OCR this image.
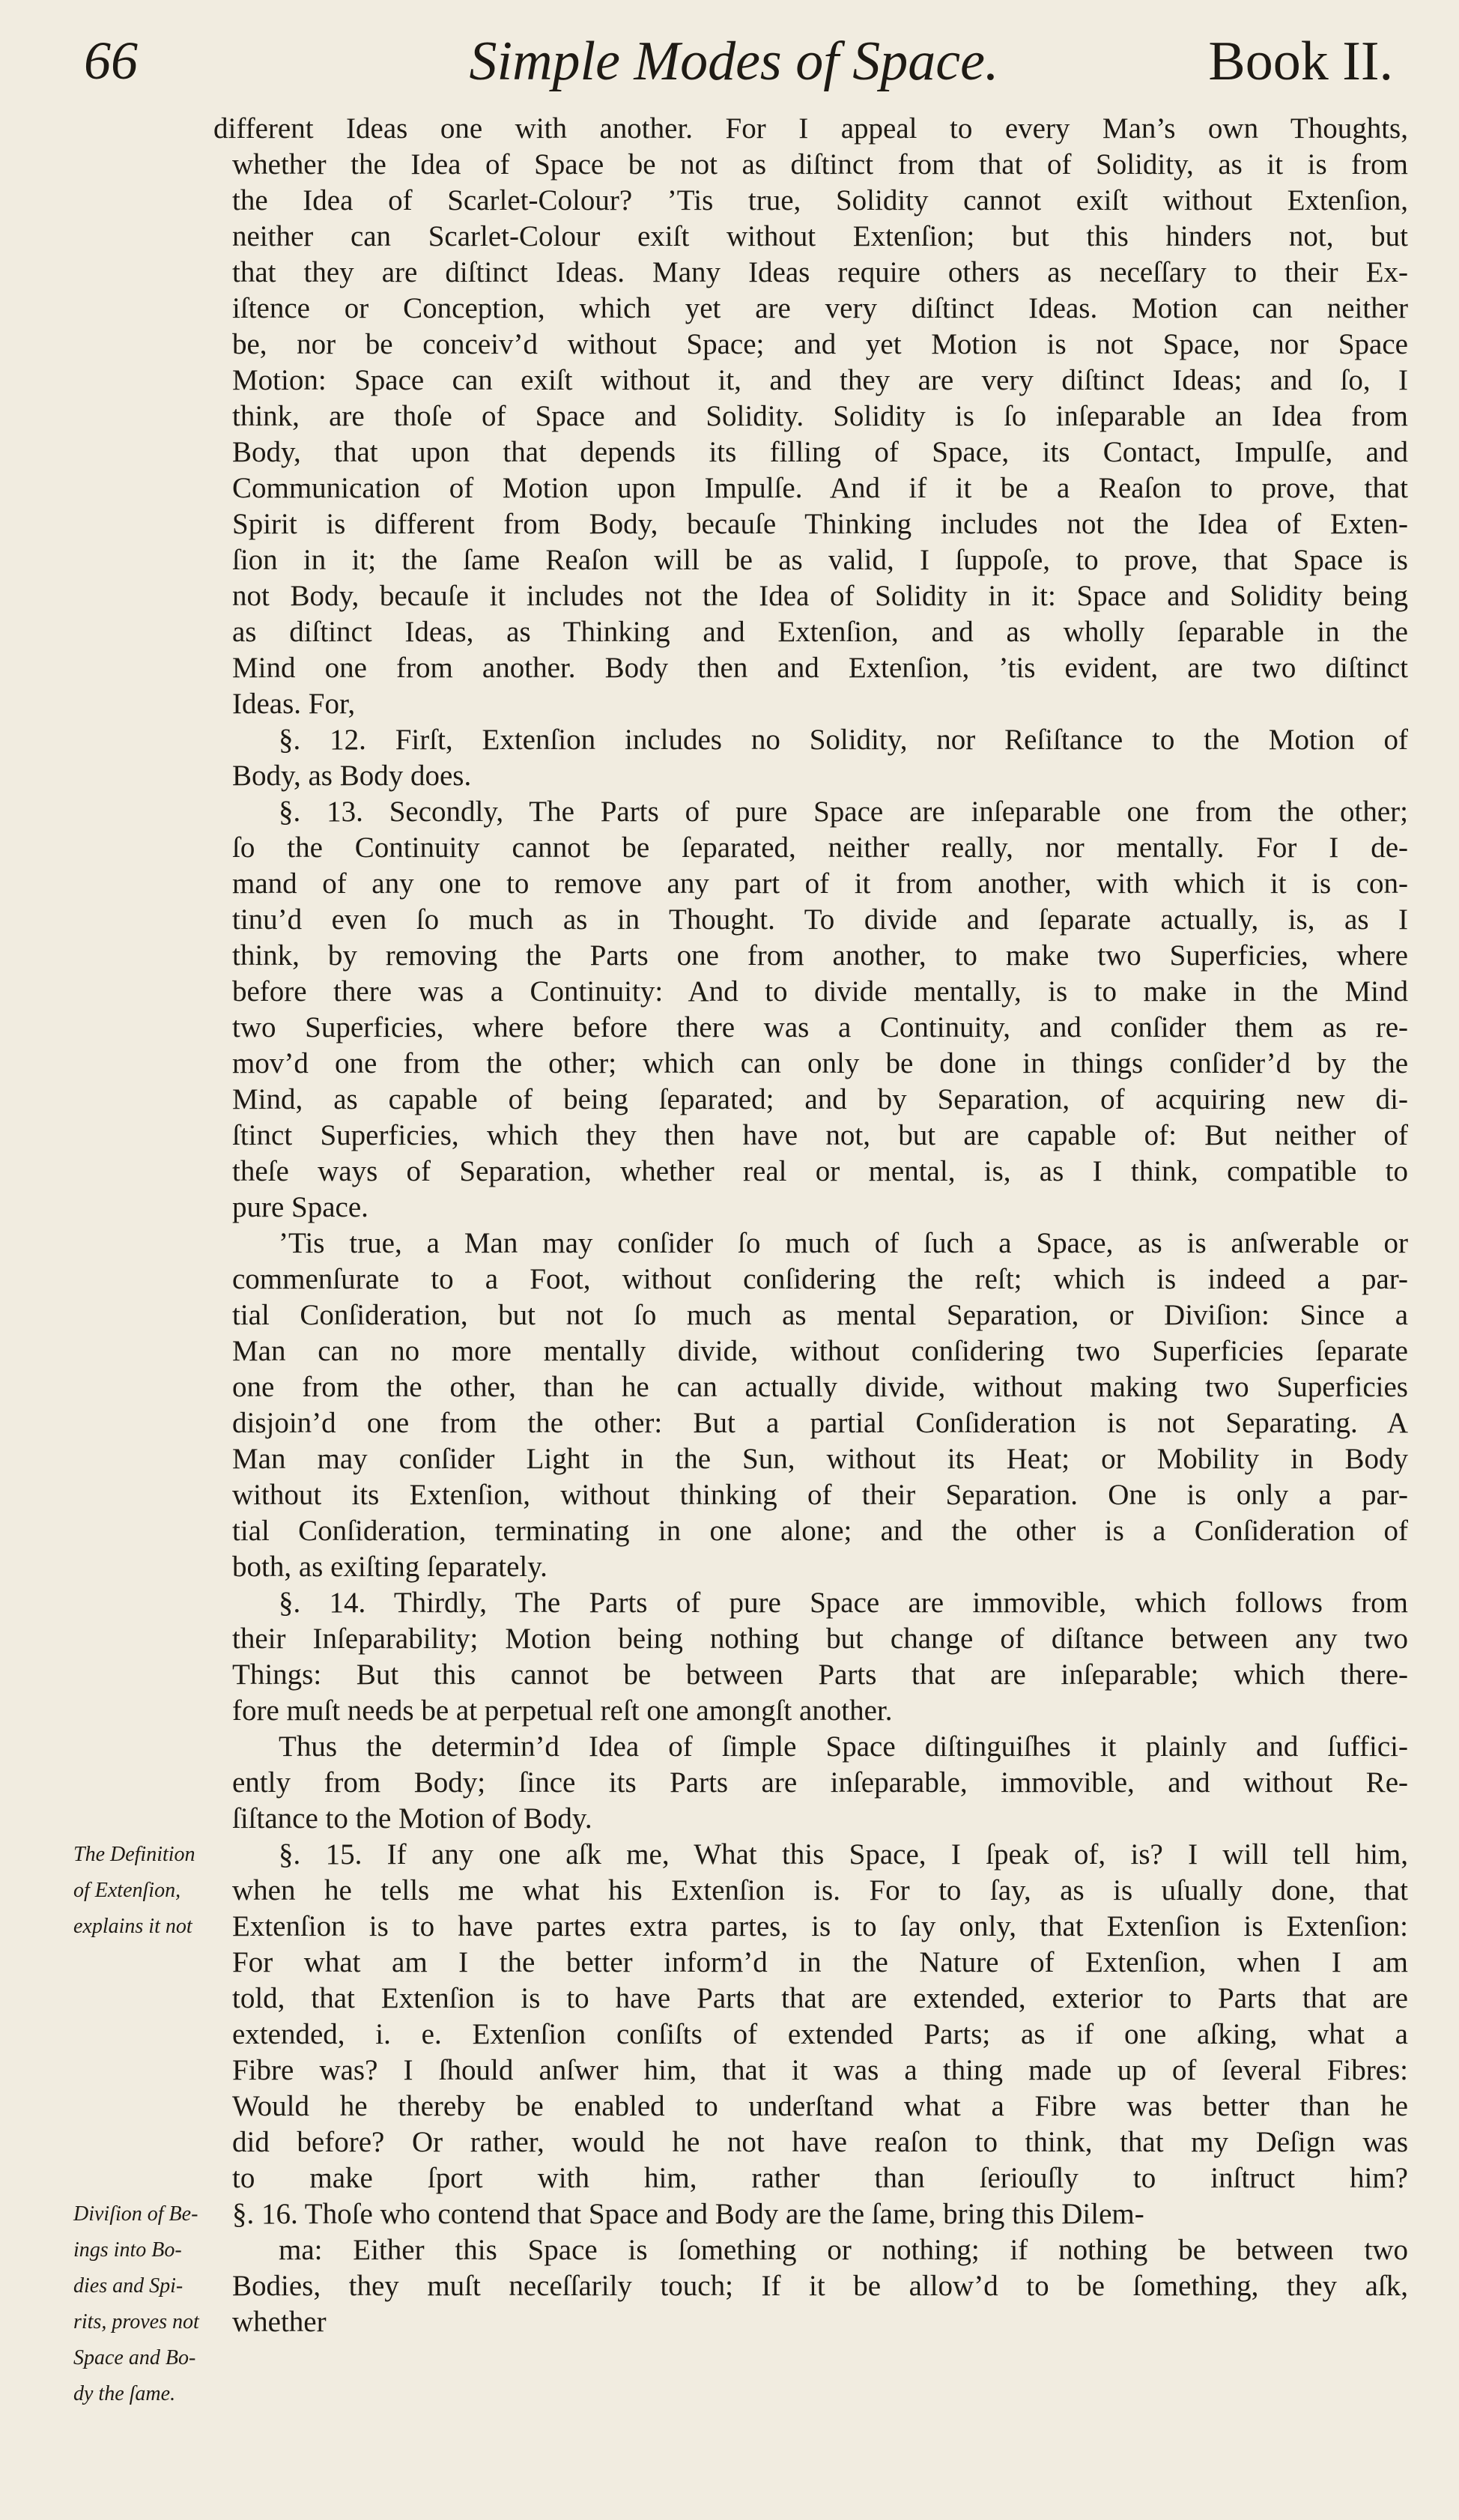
66	Simple Modes of Space.	Book II.
different Ideas one with another. For I appeal to every Man’s own Thoughts,
whether the Idea of Space be not as diſtinct from that of Solidity, as it is from
the Idea of Scarlet-Colour? ’Tis true, Solidity cannot exiſt without Extenſion,
neither can Scarlet-Colour exiſt without Extenſion; but this hinders not, but
that they are diſtinct Ideas. Many Ideas require others as neceſſary to their Ex-
iſtence or Conception, which yet are very diſtinct Ideas. Motion can neither
be, nor be conceiv’d without Space; and yet Motion is not Space, nor Space
Motion: Space can exiſt without it, and they are very diſtinct Ideas; and ſo, I
think, are thoſe of Space and Solidity. Solidity is ſo inſeparable an Idea from
Body, that upon that depends its filling of Space, its Contact, Impulſe, and
Communication of Motion upon Impulſe. And if it be a Reaſon to prove, that
Spirit is different from Body, becauſe Thinking includes not the Idea of Exten-
ſion in it; the ſame Reaſon will be as valid, I ſuppoſe, to prove, that Space is
not Body, becauſe it includes not the Idea of Solidity in it: Space and Solidity being
as diſtinct Ideas, as Thinking and Extenſion, and as wholly ſeparable in the
Mind one from another. Body then and Extenſion, ’tis evident, are two diſtinct
Ideas. For,
§. 12. Firſt, Extenſion includes no Solidity, nor Reſiſtance to the Motion of
Body, as Body does.
§. 13. Secondly, The Parts of pure Space are inſeparable one from the other;
ſo the Continuity cannot be ſeparated, neither really, nor mentally. For I de-
mand of any one to remove any part of it from another, with which it is con-
tinu’d even ſo much as in Thought. To divide and ſeparate actually, is, as I
think, by removing the Parts one from another, to make two Superficies, where
before there was a Continuity: And to divide mentally, is to make in the Mind
two Superficies, where before there was a Continuity, and conſider them as re-
mov’d one from the other; which can only be done in things conſider’d by the
Mind, as capable of being ſeparated; and by Separation, of acquiring new di-
ſtinct Superficies, which they then have not, but are capable of: But neither of
theſe ways of Separation, whether real or mental, is, as I think, compatible to
pure Space.
’Tis true, a Man may conſider ſo much of ſuch a Space, as is anſwerable or
commenſurate to a Foot, without conſidering the reſt; which is indeed a par-
tial Conſideration, but not ſo much as mental Separation, or Diviſion: Since a
Man can no more mentally divide, without conſidering two Superficies ſeparate
one from the other, than he can actually divide, without making two Superficies
disjoin’d one from the other: But a partial Conſideration is not Separating. A
Man may conſider Light in the Sun, without its Heat; or Mobility in Body
without its Extenſion, without thinking of their Separation. One is only a par-
tial Conſideration, terminating in one alone; and the other is a Conſideration of
both, as exiſting ſeparately.
§. 14. Thirdly, The Parts of pure Space are immovible, which follows from
their Inſeparability; Motion being nothing but change of diſtance between any two
Things: But this cannot be between Parts that are inſeparable; which there-
fore muſt needs be at perpetual reſt one amongſt another.
Thus the determin’d Idea of ſimple Space diſtinguiſhes it plainly and ſuffici-
ently from Body; ſince its Parts are inſeparable, immovible, and without Re-
ſiſtance to the Motion of Body.
§. 15. If any one aſk me, What this Space, I ſpeak of, is? I will tell him,
when he tells me what his Extenſion is. For to ſay, as is uſually done, that
Extenſion is to have partes extra partes, is to ſay only, that Extenſion is Extenſion:
For what am I the better inform’d in the Nature of Extenſion, when I am
told, that Extenſion is to have Parts that are extended, exterior to Parts that are
extended, i. e. Extenſion conſiſts of extended Parts; as if one aſking, what a
Fibre was? I ſhould anſwer him, that it was a thing made up of ſeveral Fibres:
Would he thereby be enabled to underſtand what a Fibre was better than he
did before? Or rather, would he not have reaſon to think, that my Deſign was
to make ſport with him, rather than ſeriouſly to inſtruct him?
§. 16. Thoſe who contend that Space and Body are the ſame, bring this Dilem-
ma: Either this Space is ſomething or nothing; if nothing be between two
Bodies, they muſt neceſſarily touch; If it be allow’d to be ſomething, they aſk,
whether
The Definition
of Extenſion,
explains it not
Diviſion of Be-
ings into Bo-
dies and Spi-
rits, proves not
Space and Bo-
dy the ſame.
